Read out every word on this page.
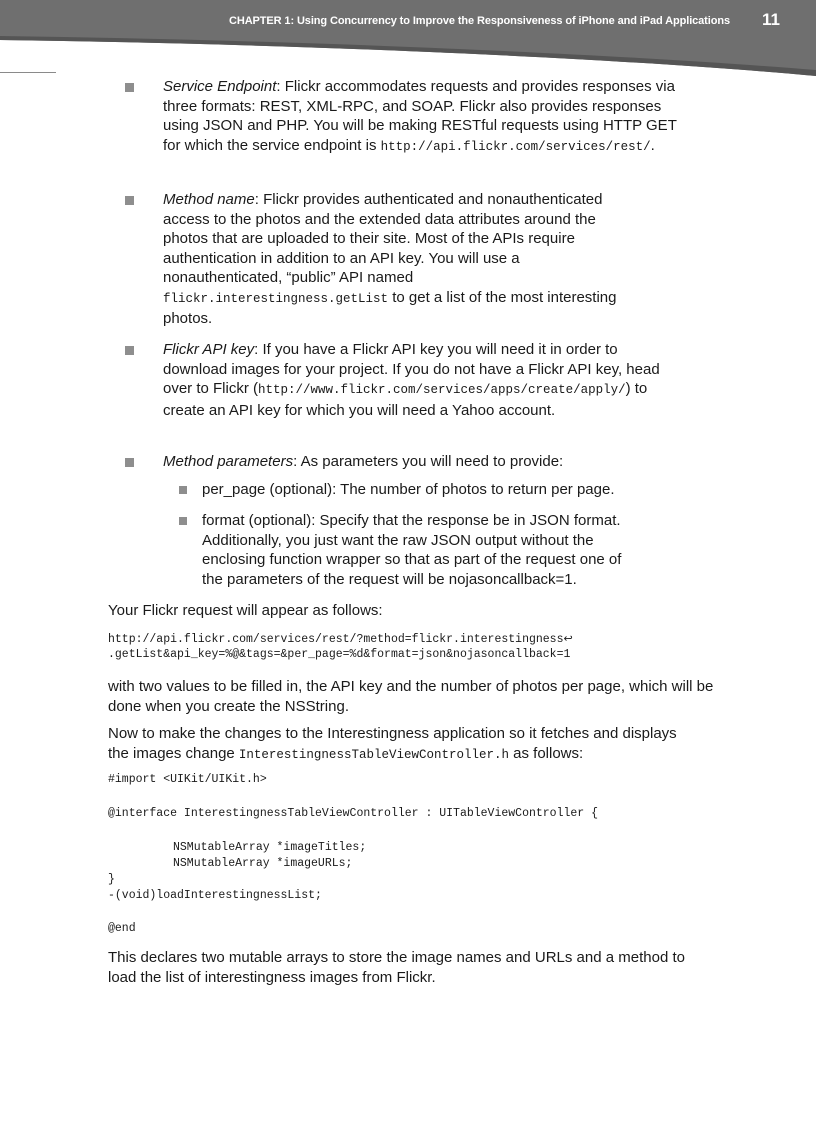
CHAPTER 1: Using Concurrency to Improve the Responsiveness of iPhone and iPad Applications 11
Service Endpoint: Flickr accommodates requests and provides responses via three formats: REST, XML-RPC, and SOAP. Flickr also provides responses using JSON and PHP. You will be making RESTful requests using HTTP GET for which the service endpoint is http://api.flickr.com/services/rest/.
Method name: Flickr provides authenticated and nonauthenticated access to the photos and the extended data attributes around the photos that are uploaded to their site. Most of the APIs require authentication in addition to an API key. You will use a nonauthenticated, “public” API named flickr.interestingness.getList to get a list of the most interesting photos.
Flickr API key: If you have a Flickr API key you will need it in order to download images for your project. If you do not have a Flickr API key, head over to Flickr (http://www.flickr.com/services/apps/create/apply/) to create an API key for which you will need a Yahoo account.
Method parameters: As parameters you will need to provide:
per_page (optional): The number of photos to return per page.
format (optional): Specify that the response be in JSON format. Additionally, you just want the raw JSON output without the enclosing function wrapper so that as part of the request one of the parameters of the request will be nojasoncallback=1.
Your Flickr request will appear as follows:
http://api.flickr.com/services/rest/?method=flickr.interestingness↩
.getList&api_key=%@&tags=&per_page=%d&format=json&nojasoncallback=1
with two values to be filled in, the API key and the number of photos per page, which will be done when you create the NSString.
Now to make the changes to the Interestingness application so it fetches and displays the images change InterestingnessTableViewController.h as follows:
#import <UIKit/UIKit.h>
@interface InterestingnessTableViewController : UITableViewController {
NSMutableArray *imageTitles;
NSMutableArray *imageURLs;
}
-(void)loadInterestingnessList;
@end
This declares two mutable arrays to store the image names and URLs and a method to load the list of interestingness images from Flickr.
